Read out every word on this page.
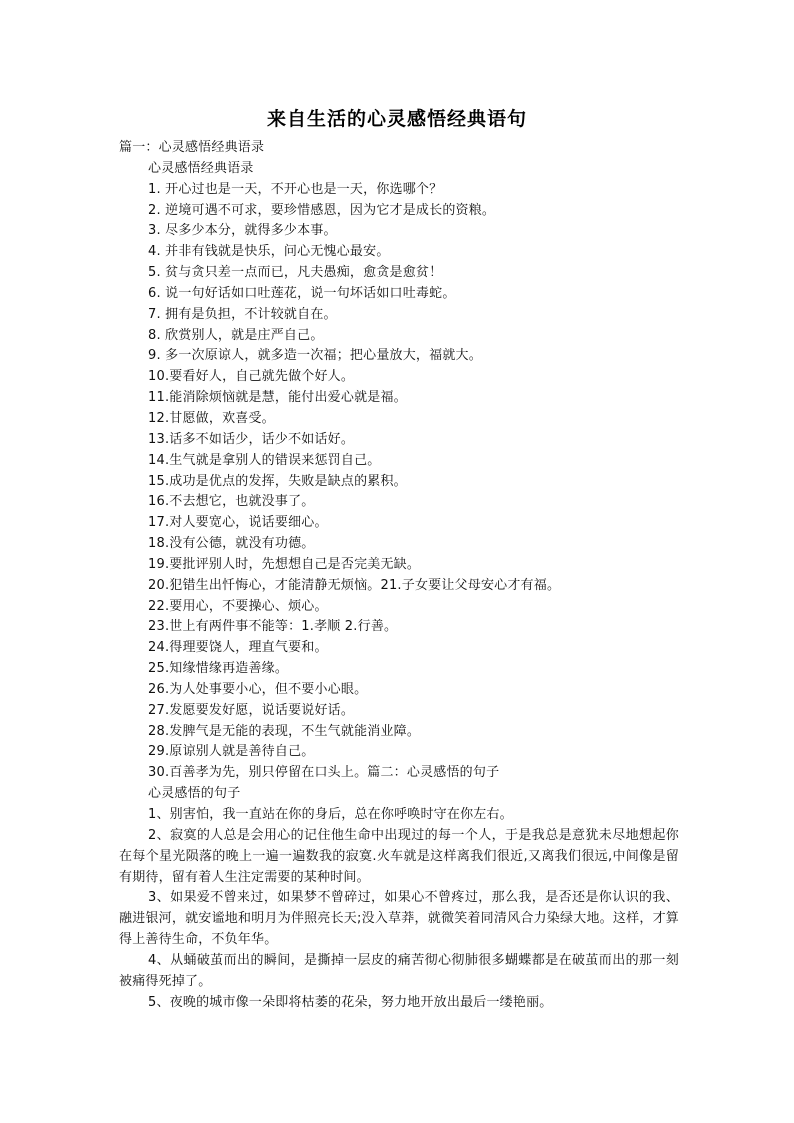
来自生活的心灵感悟经典语句
篇一：心灵感悟经典语录
心灵感悟经典语录
1. 开心过也是一天，不开心也是一天，你选哪个？
2. 逆境可遇不可求，要珍惜感恩，因为它才是成长的资粮。
3. 尽多少本分，就得多少本事。
4. 并非有钱就是快乐，问心无愧心最安。
5. 贫与贪只差一点而已，凡夫愚痴，愈贪是愈贫！
6. 说一句好话如口吐莲花，说一句坏话如口吐毒蛇。
7. 拥有是负担，不计较就自在。
8. 欣赏别人，就是庄严自己。
9. 多一次原谅人，就多造一次福；把心量放大，福就大。
10.要看好人，自己就先做个好人。
11.能消除烦恼就是慧，能付出爱心就是福。
12.甘愿做，欢喜受。
13.话多不如话少，话少不如话好。
14.生气就是拿别人的错误来惩罚自己。
15.成功是优点的发挥，失败是缺点的累积。
16.不去想它，也就没事了。
17.对人要宽心，说话要细心。
18.没有公德，就没有功德。
19.要批评别人时，先想想自己是否完美无缺。
20.犯错生出忏悔心，才能清静无烦恼。21.子女要让父母安心才有福。
22.要用心，不要操心、烦心。
23.世上有两件事不能等：1.孝顺 2.行善。
24.得理要饶人，理直气要和。
25.知缘惜缘再造善缘。
26.为人处事要小心，但不要小心眼。
27.发愿要发好愿，说话要说好话。
28.发脾气是无能的表现，不生气就能消业障。
29.原谅别人就是善待自己。
30.百善孝为先，别只停留在口头上。篇二：心灵感悟的句子
心灵感悟的句子
1、别害怕，我一直站在你的身后，总在你呼唤时守在你左右。
2、寂寞的人总是会用心的记住他生命中出现过的每一个人，于是我总是意犹未尽地想起你在每个星光陨落的晚上一遍一遍数我的寂寞.火车就是这样离我们很近,又离我们很远,中间像是留有期待，留有着人生注定需要的某种时间。
3、如果爱不曾来过，如果梦不曾碎过，如果心不曾疼过，那么我，是否还是你认识的我、融进银河，就安谧地和明月为伴照亮长天;没入草莽，就微笑着同清风合力染绿大地。这样，才算得上善待生命，不负年华。
4、从蛹破茧而出的瞬间，是撕掉一层皮的痛苦彻心彻肺很多蝴蝶都是在破茧而出的那一刻被痛得死掉了。
5、夜晚的城市像一朵即将枯萎的花朵，努力地开放出最后一缕艳丽。
